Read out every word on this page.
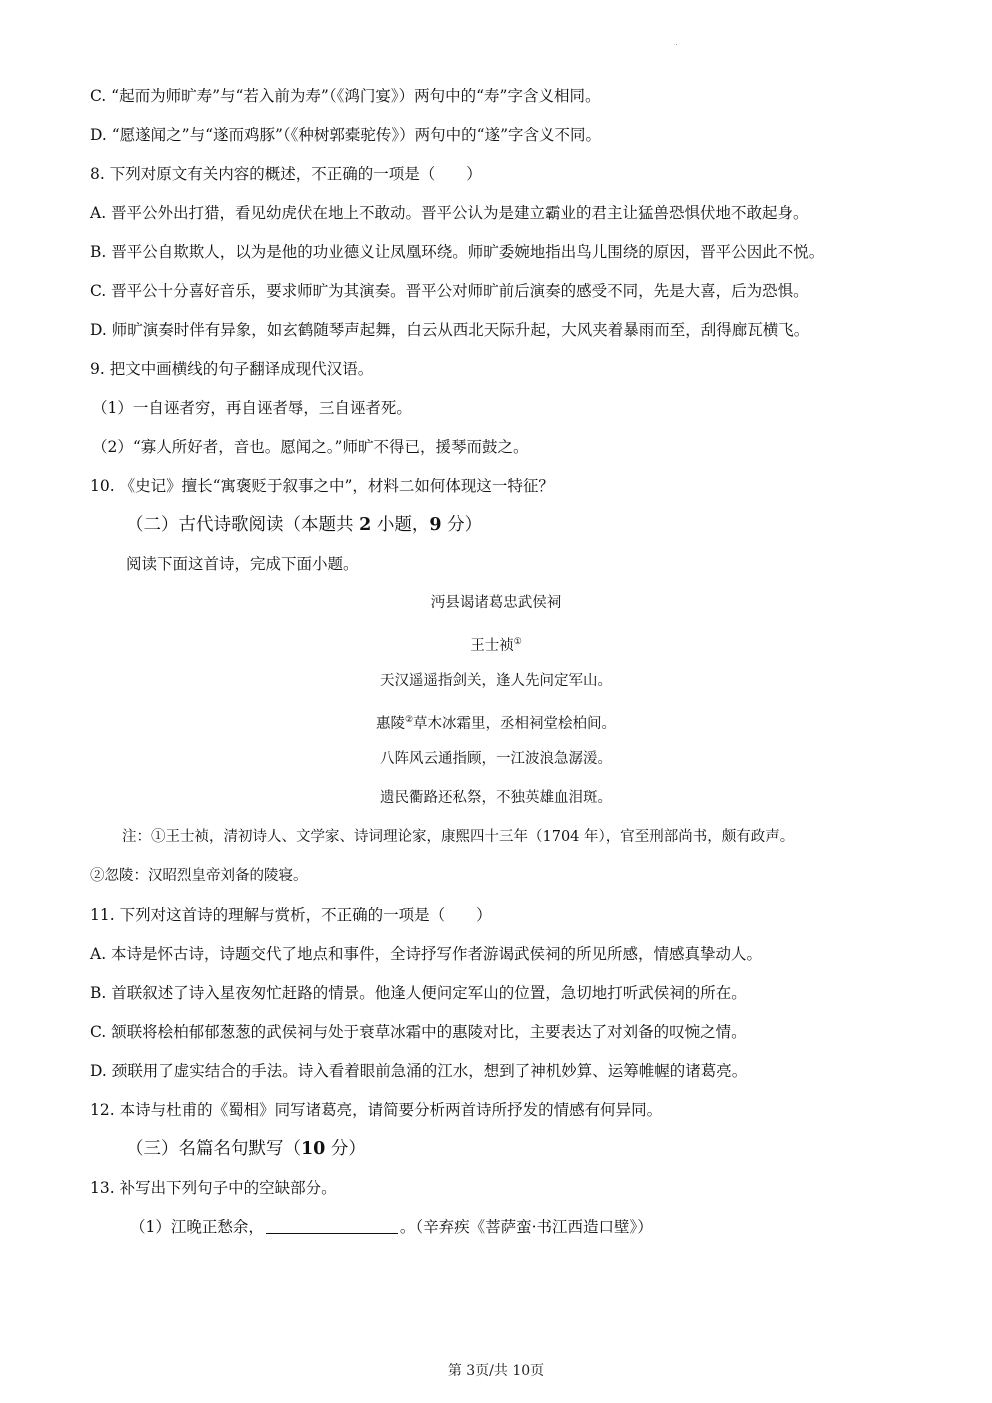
C. “起而为师旷寿”与“若入前为寿”（《鸿门宴》）两句中的“寿”字含义相同。
D. “愿遂闻之”与“遂而鸡豚”（《种树郭橐驼传》）两句中的“遂”字含义不同。
8. 下列对原文有关内容的概述，不正确的一项是（　　）
A. 晋平公外出打猎，看见幼虎伏在地上不敢动。晋平公认为是建立霸业的君主让猛兽恐惧伏地不敢起身。
B. 晋平公自欺欺人，以为是他的功业德义让凤凰环绕。师旷委婉地指出鸟儿围绕的原因，晋平公因此不悦。
C. 晋平公十分喜好音乐，要求师旷为其演奏。晋平公对师旷前后演奏的感受不同，先是大喜，后为恐惧。
D. 师旷演奏时伴有异象，如玄鹤随琴声起舞，白云从西北天际升起，大风夹着暴雨而至，刮得廊瓦横飞。
9. 把文中画横线的句子翻译成现代汉语。
（1）一自诬者穷，再自诬者辱，三自诬者死。
（2）“寡人所好者，音也。愿闻之。”师旷不得已，援琴而鼓之。
10. 《史记》擅长“寓褒贬于叙事之中”，材料二如何体现这一特征？
（二）古代诗歌阅读（本题共 2 小题，9 分）
阅读下面这首诗，完成下面小题。
沔县谒诸葛忠武侯祠
王士祯①
天汉遥遥指剑关，逢人先问定军山。
惠陵②草木冰霜里，丞相祠堂桧柏间。
八阵风云通指顾，一江波浪急潺湲。
遗民衢路还私祭，不独英雄血泪斑。
注：①王士祯，清初诗人、文学家、诗词理论家，康熙四十三年（1704 年），官至刑部尚书，颇有政声。
②忽陵：汉昭烈皇帝刘备的陵寝。
11. 下列对这首诗的理解与赏析，不正确的一项是（　　）
A. 本诗是怀古诗，诗题交代了地点和事件，全诗抒写作者游谒武侯祠的所见所感，情感真挚动人。
B. 首联叙述了诗入星夜匆忙赶路的情景。他逢人便问定军山的位置，急切地打听武侯祠的所在。
C. 颔联将桧柏郁郁葱葱的武侯祠与处于衰草冰霜中的惠陵对比，主要表达了对刘备的叹惋之情。
D. 颈联用了虚实结合的手法。诗入看着眼前急涌的江水，想到了神机妙算、运筹帷幄的诸葛亮。
12. 本诗与杜甫的《蜀相》同写诸葛亮，请简要分析两首诗所抒发的情感有何异同。
（三）名篇名句默写（10 分）
13. 补写出下列句子中的空缺部分。
（1）江晚正愁余，	。（辛弃疾《菩萨蛮·书江西造口壁》）
第 3页/共 10页
